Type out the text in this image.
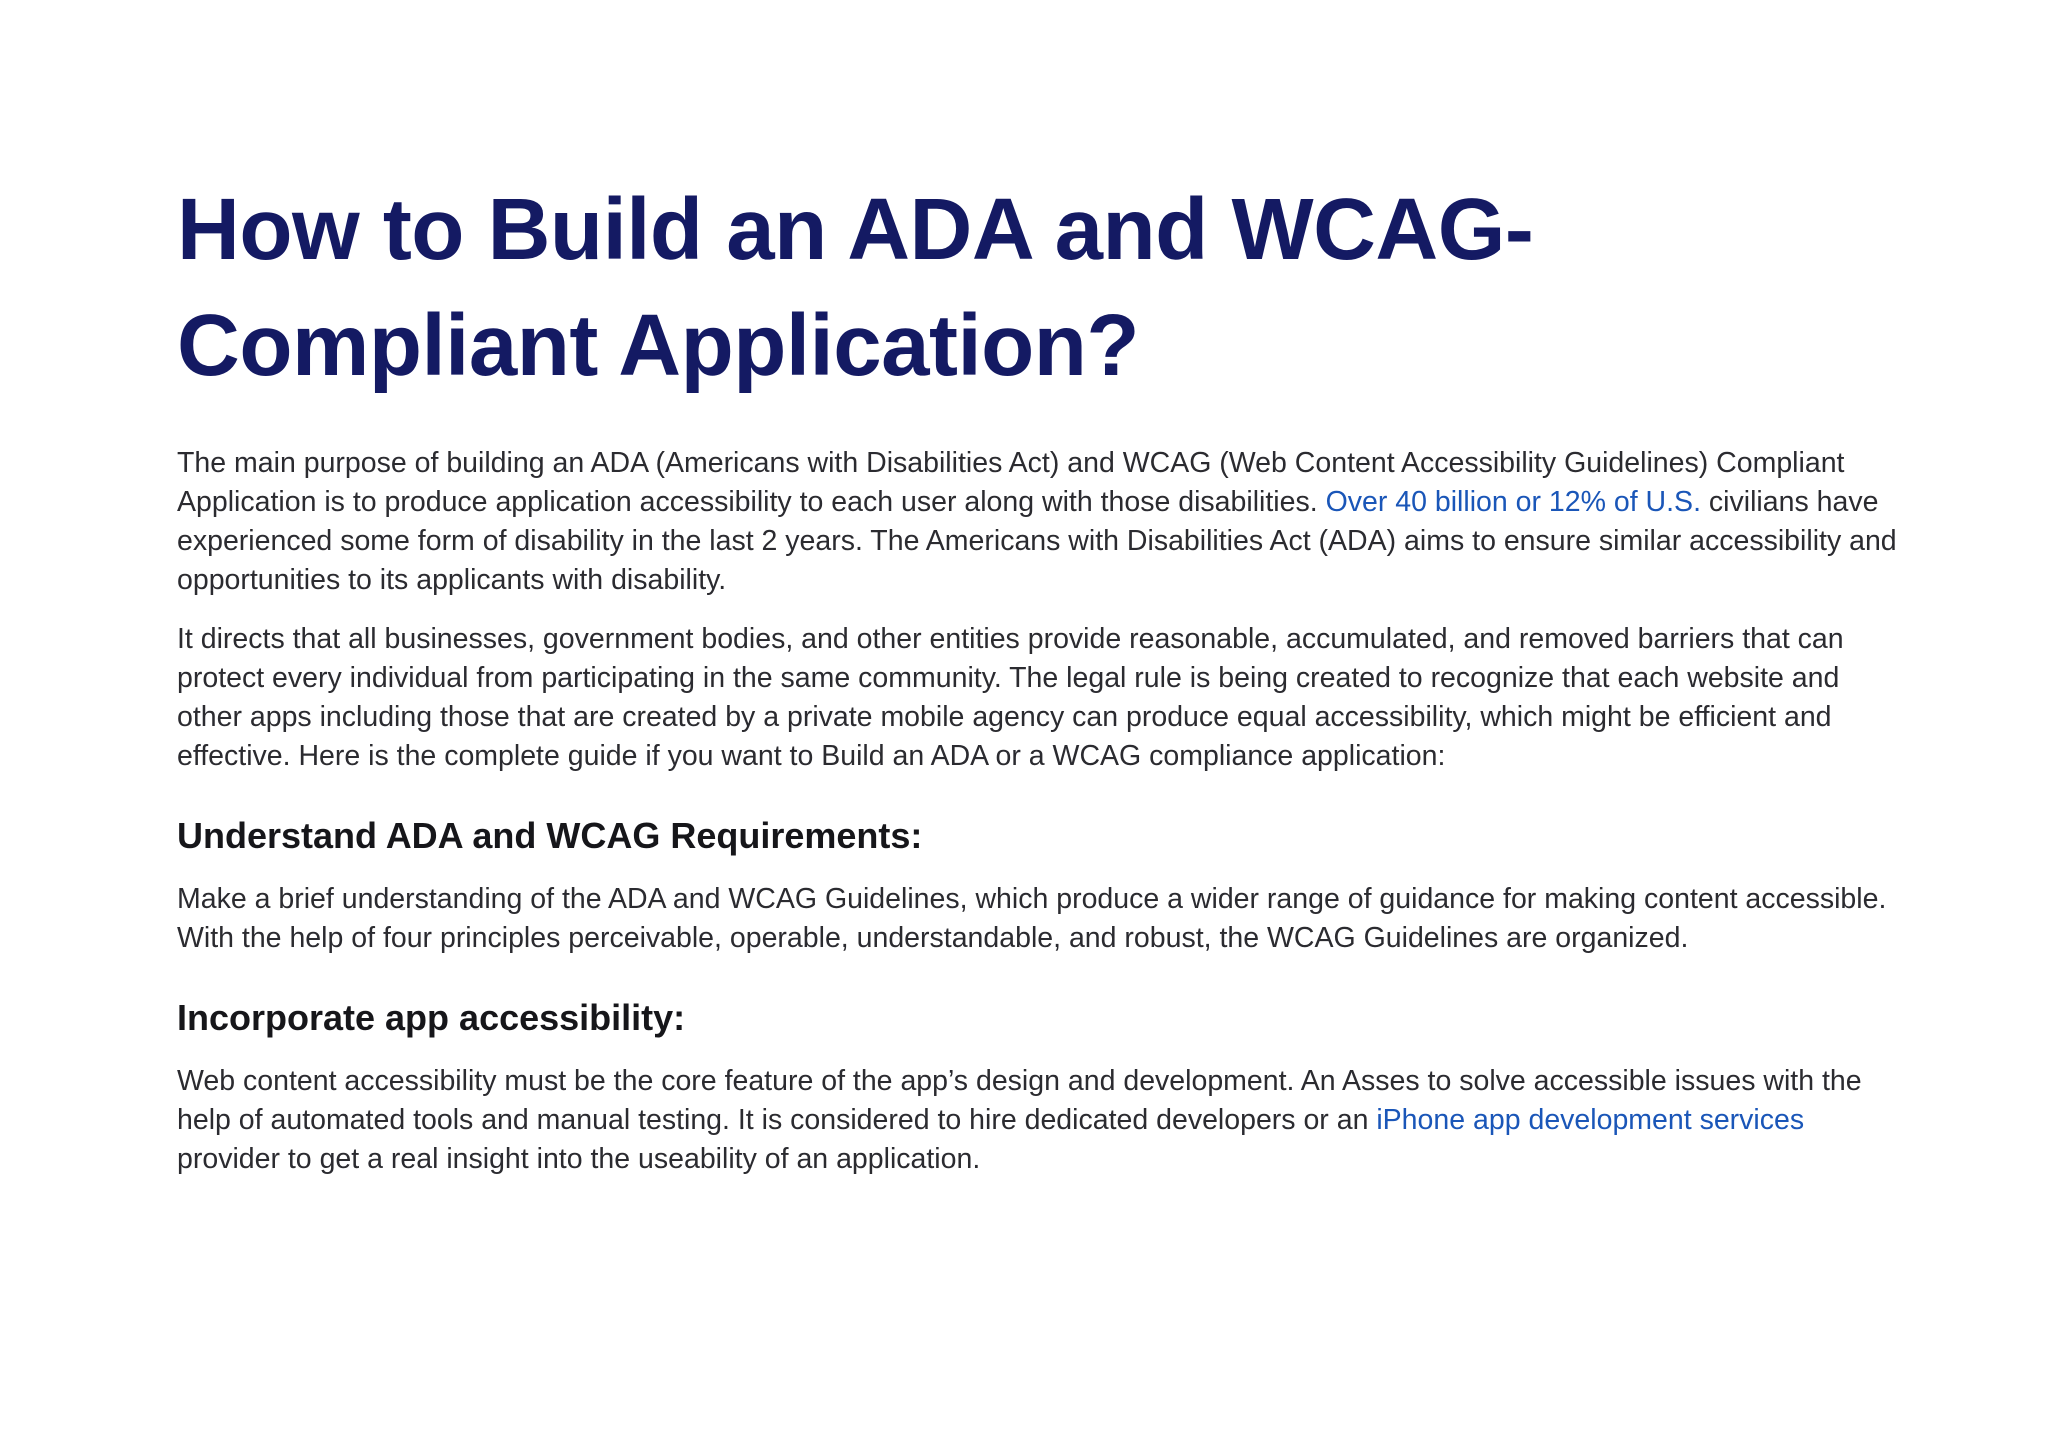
How to Build an ADA and WCAG-Compliant Application?

The main purpose of building an ADA (Americans with Disabilities Act) and WCAG (Web Content Accessibility Guidelines) Compliant Application is to produce application accessibility to each user along with those disabilities. Over 40 billion or 12% of U.S. civilians have experienced some form of disability in the last 2 years. The Americans with Disabilities Act (ADA) aims to ensure similar accessibility and opportunities to its applicants with disability.

It directs that all businesses, government bodies, and other entities provide reasonable, accumulated, and removed barriers that can protect every individual from participating in the same community. The legal rule is being created to recognize that each website and other apps including those that are created by a private mobile agency can produce equal accessibility, which might be efficient and effective. Here is the complete guide if you want to Build an ADA or a WCAG compliance application:

Understand ADA and WCAG Requirements:

Make a brief understanding of the ADA and WCAG Guidelines, which produce a wider range of guidance for making content accessible. With the help of four principles perceivable, operable, understandable, and robust, the WCAG Guidelines are organized.

Incorporate app accessibility:

Web content accessibility must be the core feature of the app’s design and development. An Asses to solve accessible issues with the help of automated tools and manual testing. It is considered to hire dedicated developers or an iPhone app development services provider to get a real insight into the useability of an application.
